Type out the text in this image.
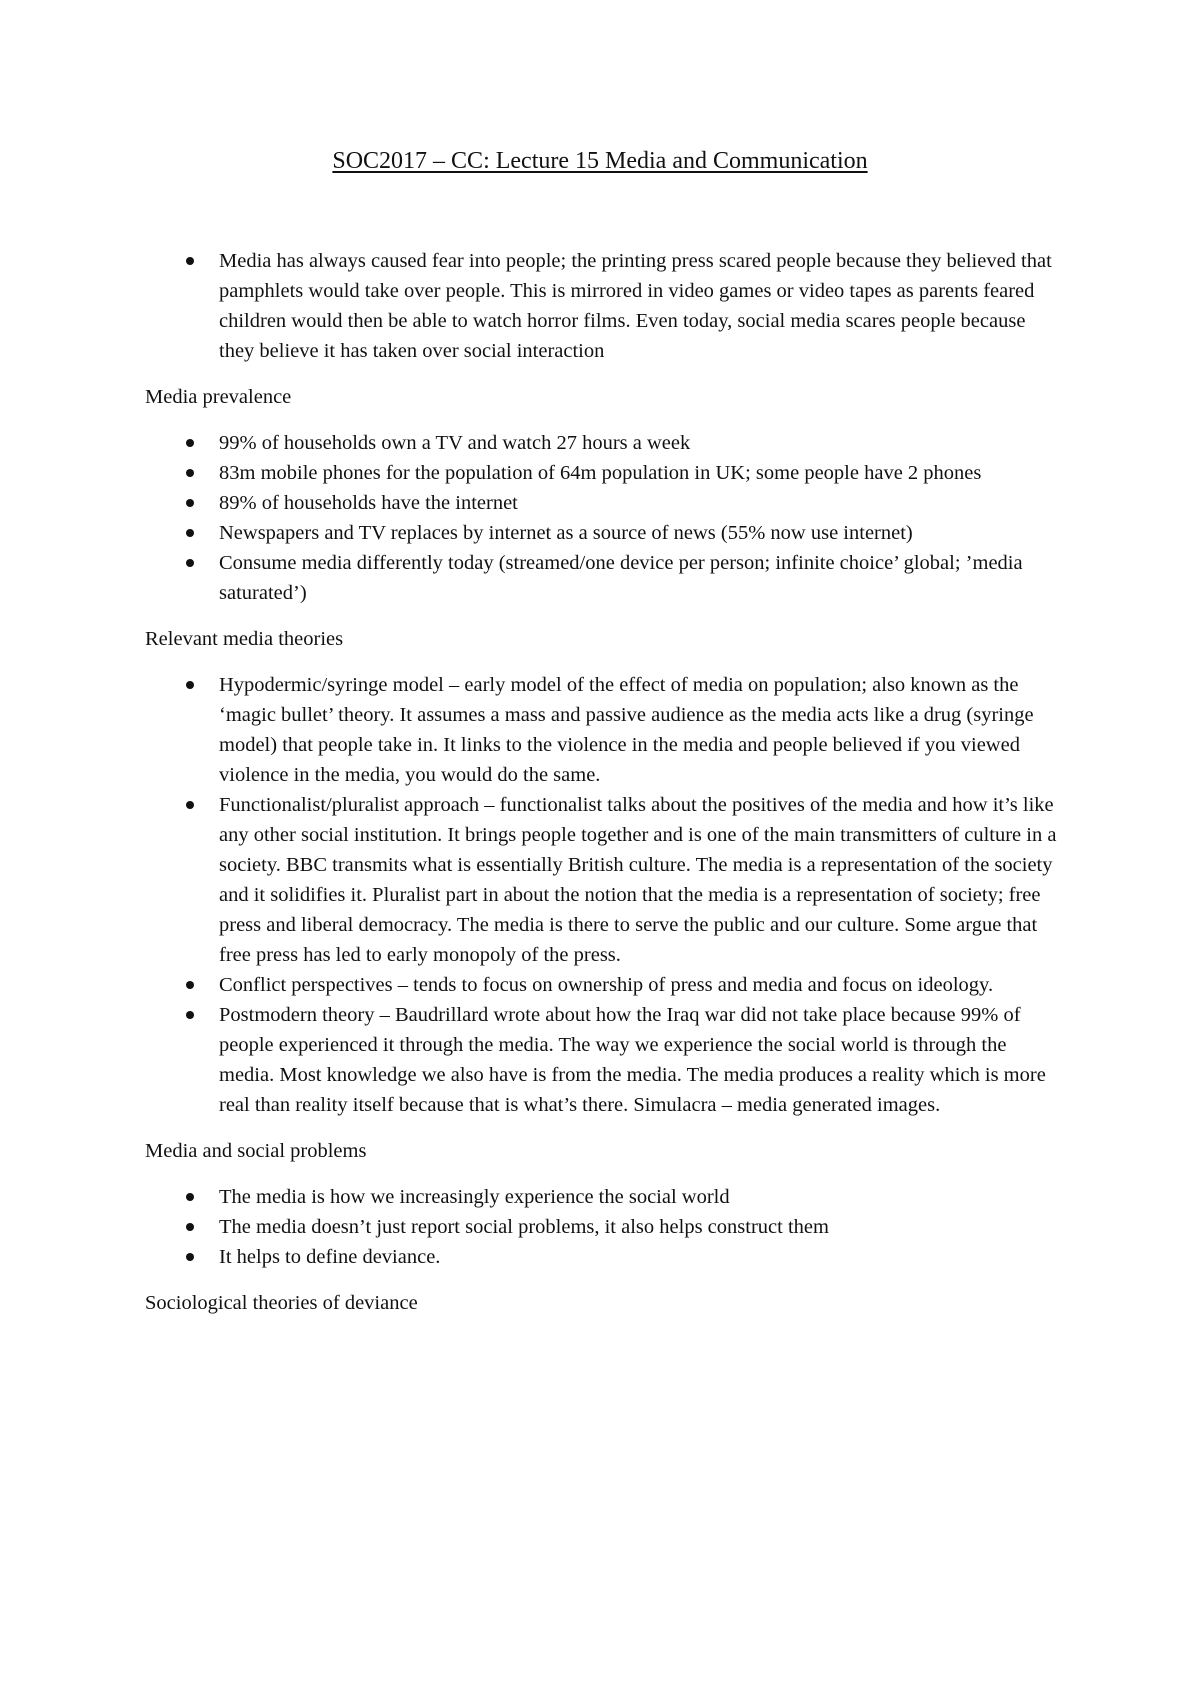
SOC2017 – CC: Lecture 15 Media and Communication
Media has always caused fear into people; the printing press scared people because they believed that pamphlets would take over people. This is mirrored in video games or video tapes as parents feared children would then be able to watch horror films. Even today, social media scares people because they believe it has taken over social interaction
Media prevalence
99% of households own a TV and watch 27 hours a week
83m mobile phones for the population of 64m population in UK; some people have 2 phones
89% of households have the internet
Newspapers and TV replaces by internet as a source of news (55% now use internet)
Consume media differently today (streamed/one device per person; infinite choice’ global; ’media saturated’)
Relevant media theories
Hypodermic/syringe model – early model of the effect of media on population; also known as the ‘magic bullet’ theory. It assumes a mass and passive audience as the media acts like a drug (syringe model) that people take in. It links to the violence in the media and people believed if you viewed violence in the media, you would do the same.
Functionalist/pluralist approach – functionalist talks about the positives of the media and how it’s like any other social institution. It brings people together and is one of the main transmitters of culture in a society. BBC transmits what is essentially British culture. The media is a representation of the society and it solidifies it. Pluralist part in about the notion that the media is a representation of society; free press and liberal democracy. The media is there to serve the public and our culture. Some argue that free press has led to early monopoly of the press.
Conflict perspectives – tends to focus on ownership of press and media and focus on ideology.
Postmodern theory – Baudrillard wrote about how the Iraq war did not take place because 99% of people experienced it through the media. The way we experience the social world is through the media. Most knowledge we also have is from the media. The media produces a reality which is more real than reality itself because that is what’s there. Simulacra – media generated images.
Media and social problems
The media is how we increasingly experience the social world
The media doesn’t just report social problems, it also helps construct them
It helps to define deviance.
Sociological theories of deviance
